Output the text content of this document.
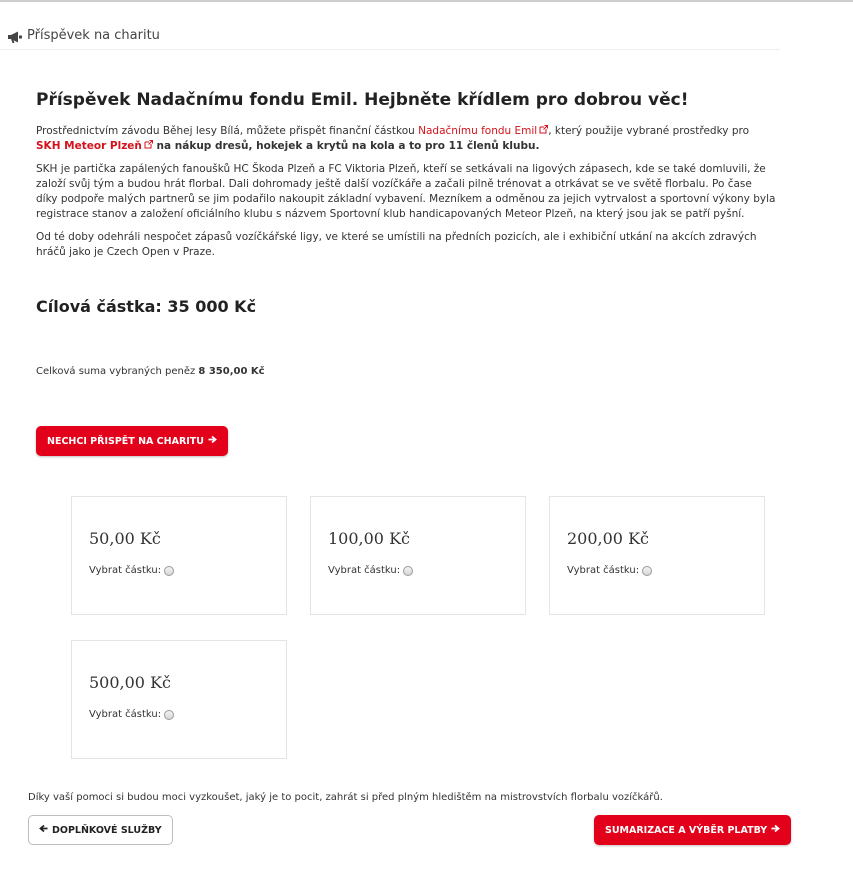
Příspěvek na charitu
Příspěvek Nadačnímu fondu Emil. Hejbněte křídlem pro dobrou věc!

Prostřednictvím závodu Běhej lesy Bílá, můžete přispět finanční částkou Nadačnímu fondu Emil , který použije vybrané prostředky pro SKH Meteor Plzeň na nákup dresů, hokejek a krytů na kola a to pro 11 členů klubu.

SKH je partička zapálených fanoušků HC Škoda Plzeň a FC Viktoria Plzeň, kteří se setkávali na ligových zápasech, kde se také domluvili, že založí svůj tým a budou hrát florbal. Dali dohromady ještě další vozíčkáře a začali pilně trénovat a otrkávat se ve světě florbalu. Po čase díky podpoře malých partnerů se jim podařilo nakoupit základní vybavení. Mezníkem a odměnou za jejich vytrvalost a sportovní výkony byla registrace stanov a založení oficiálního klubu s názvem Sportovní klub handicapovaných Meteor Plzeň, na který jsou jak se patří pyšní.

Od té doby odehráli nespočet zápasů vozíčkářské ligy, ve které se umístili na předních pozicích, ale i exhibiční utkání na akcích zdravých hráčů jako je Czech Open v Praze.

Cílová částka: 35 000 Kč
Celková suma vybraných peněz 8 350,00 Kč
NECHCI PŘISPĚT NA CHARITU
50,00 Kč
Vybrat částku:
100,00 Kč
Vybrat částku:
200,00 Kč
Vybrat částku:
500,00 Kč
Vybrat částku:
Díky vaší pomoci si budou moci vyzkoušet, jaký je to pocit, zahrát si před plným hledištěm na mistrovstvích florbalu vozíčkářů.
DOPLŇKOVÉ SLUŽBY	SUMARIZACE A VÝBĚR PLATBY
